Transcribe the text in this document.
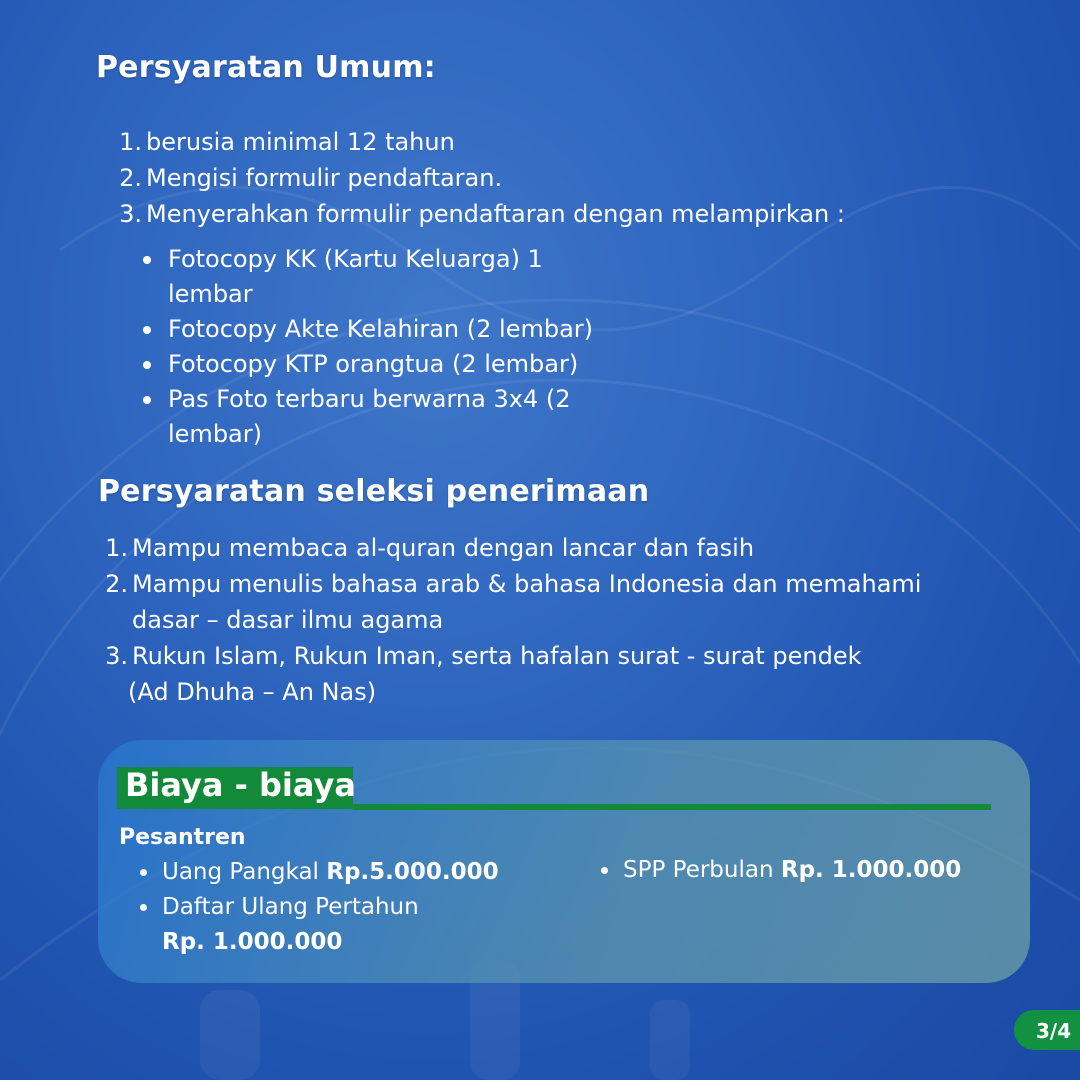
Persyaratan Umum:
1. berusia minimal 12 tahun
2. Mengisi formulir pendaftaran.
3. Menyerahkan formulir pendaftaran dengan melampirkan :
Fotocopy KK (Kartu Keluarga) 1
lembar
Fotocopy Akte Kelahiran (2 lembar)
Fotocopy KTP orangtua (2 lembar)
Pas Foto terbaru berwarna 3x4 (2
lembar)
Persyaratan seleksi penerimaan
1. Mampu membaca al-quran dengan lancar dan fasih
2. Mampu menulis bahasa arab & bahasa Indonesia dan memahami
dasar – dasar ilmu agama
3. Rukun Islam, Rukun Iman, serta hafalan surat - surat pendek
(Ad Dhuha – An Nas)
Biaya - biaya
Pesantren
Uang Pangkal Rp.5.000.000
Daftar Ulang Pertahun
Rp. 1.000.000
SPP Perbulan Rp. 1.000.000
3/4
